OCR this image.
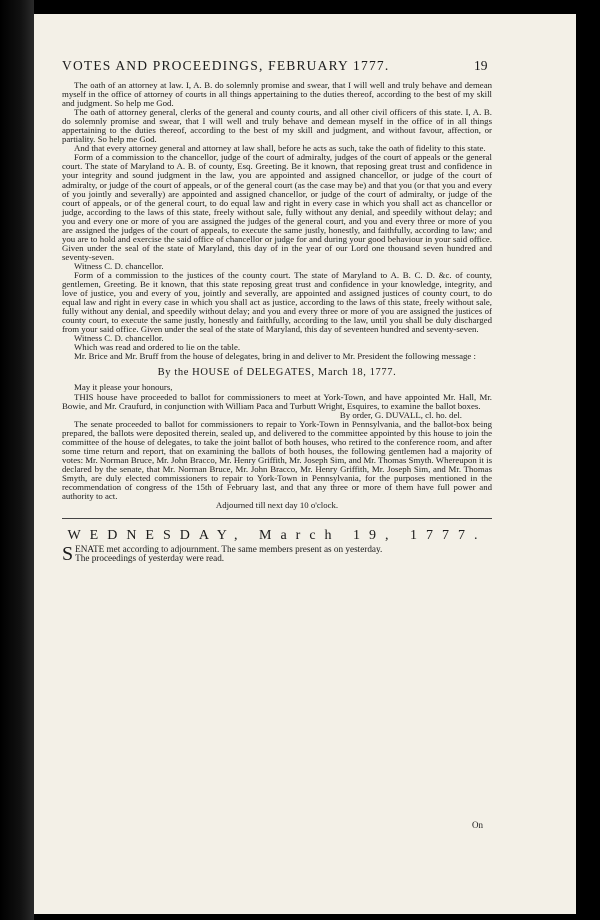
VOTES AND PROCEEDINGS, FEBRUARY 1777.	19

The oath of an attorney at law. I, A. B. do solemnly promise and swear, that I will well and truly behave and demean myself in the office of attorney of courts in all things appertaining to the duties thereof, according to the best of my skill and judgment. So help me God.

The oath of attorney general, clerks of the general and county courts, and all other civil officers of this state. I, A. B. do solemnly promise and swear, that I will well and truly behave and demean myself in the office of in all things appertaining to the duties thereof, according to the best of my skill and judgment, and without favour, affection, or partiality. So help me God.

And that every attorney general and attorney at law shall, before he acts as such, take the oath of fidelity to this state.

Form of a commission to the chancellor, judge of the court of admiralty, judges of the court of appeals or the general court. The state of Maryland to A. B. of county, Esq. Greeting. Be it known, that reposing great trust and confidence in your integrity and sound judgment in the law, you are appointed and assigned chancellor, or judge of the court of admiralty, or judge of the court of appeals, or of the general court (as the case may be) and that you (or that you and every of you jointly and severally) are appointed and assigned chancellor, or judge of the court of admiralty, or judge of the court of appeals, or of the general court, to do equal law and right in every case in which you shall act as chancellor or judge, according to the laws of this state, freely without sale, fully without any denial, and speedily without delay; and you and every one or more of you are assigned the judges of the general court, and you and every three or more of you are assigned the judges of the court of appeals, to execute the same justly, honestly, and faithfully, according to law; and you are to hold and exercise the said office of chancellor or judge for and during your good behaviour in your said office. Given under the seal of the state of Maryland, this day of in the year of our Lord one thousand seven hundred and seventy-seven.

Witness C. D. chancellor.

Form of a commission to the justices of the county court. The state of Maryland to A. B. C. D. &c. of county, gentlemen, Greeting. Be it known, that this state reposing great trust and confidence in your knowledge, integrity, and love of justice, you and every of you, jointly and severally, are appointed and assigned justices of county court, to do equal law and right in every case in which you shall act as justice, according to the laws of this state, freely without sale, fully without any denial, and speedily without delay; and you and every three or more of you are assigned the justices of county court, to execute the same justly, honestly and faithfully, according to the law, until you shall be duly discharged from your said office. Given under the seal of the state of Maryland, this day of seventeen hundred and seventy-seven.

Witness C. D. chancellor.

Which was read and ordered to lie on the table.

Mr. Brice and Mr. Bruff from the house of delegates, bring in and deliver to Mr. President the following message :

By the HOUSE of DELEGATES, March 18, 1777.

May it please your honours,

THIS house have proceeded to ballot for commissioners to meet at York-Town, and have appointed Mr. Hall, Mr. Bowie, and Mr. Craufurd, in conjunction with William Paca and Turbutt Wright, Esquires, to examine the ballot boxes.

By order, G. DUVALL, cl. ho. del.

The senate proceeded to ballot for commissioners to repair to York-Town in Pennsylvania, and the ballot-box being prepared, the ballots were deposited therein, sealed up, and delivered to the committee appointed by this house to join the committee of the house of delegates, to take the joint ballot of both houses, who retired to the conference room, and after some time return and report, that on examining the ballots of both houses, the following gentlemen had a majority of votes: Mr. Norman Bruce, Mr. John Bracco, Mr. Henry Griffith, Mr. Joseph Sim, and Mr. Thomas Smyth. Whereupon it is declared by the senate, that Mr. Norman Bruce, Mr. John Bracco, Mr. Henry Griffith, Mr. Joseph Sim, and Mr. Thomas Smyth, are duly elected commissioners to repair to York-Town in Pennsylvania, for the purposes mentioned in the recommendation of congress of the 15th of February last, and that any three or more of them have full power and authority to act.

Adjourned till next day 10 o'clock.

WEDNESDAY, March 19, 1777.

SENATE met according to adjournment. The same members present as on yesterday.
The proceedings of yesterday were read.

On
